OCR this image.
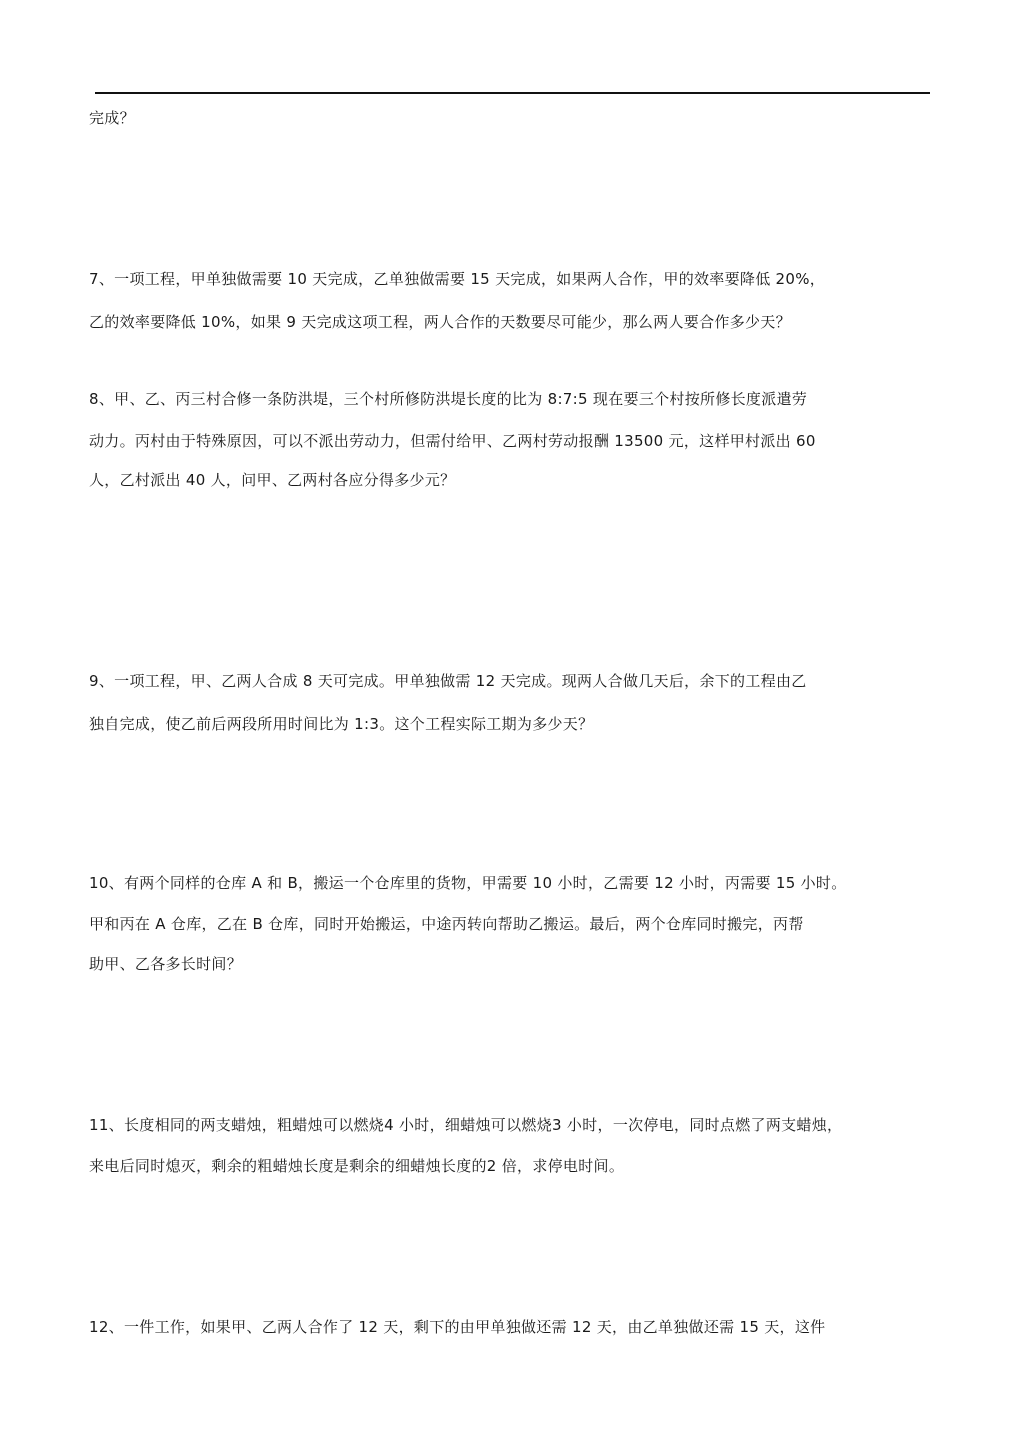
完成？
7、一项工程，甲单独做需要 10 天完成，乙单独做需要 15 天完成，如果两人合作，甲的效率要降低 20%，
乙的效率要降低 10%，如果 9 天完成这项工程，两人合作的天数要尽可能少，那么两人要合作多少天？
8、甲、乙、丙三村合修一条防洪堤，三个村所修防洪堤长度的比为 8:7:5 现在要三个村按所修长度派遣劳
动力。丙村由于特殊原因，可以不派出劳动力，但需付给甲、乙两村劳动报酬 13500 元，这样甲村派出 60
人，乙村派出 40 人，问甲、乙两村各应分得多少元？
9、一项工程，甲、乙两人合成 8 天可完成。甲单独做需 12 天完成。现两人合做几天后，余下的工程由乙
独自完成，使乙前后两段所用时间比为 1:3。这个工程实际工期为多少天？
10、有两个同样的仓库 A 和 B，搬运一个仓库里的货物，甲需要 10 小时，乙需要 12 小时，丙需要 15 小时。
甲和丙在 A 仓库，乙在 B 仓库，同时开始搬运，中途丙转向帮助乙搬运。最后，两个仓库同时搬完，丙帮
助甲、乙各多长时间？
11、长度相同的两支蜡烛，粗蜡烛可以燃烧4 小时，细蜡烛可以燃烧3 小时，一次停电，同时点燃了两支蜡烛，
来电后同时熄灭，剩余的粗蜡烛长度是剩余的细蜡烛长度的2 倍，求停电时间。
12、一件工作，如果甲、乙两人合作了 12 天，剩下的由甲单独做还需 12 天，由乙单独做还需 15 天，这件
